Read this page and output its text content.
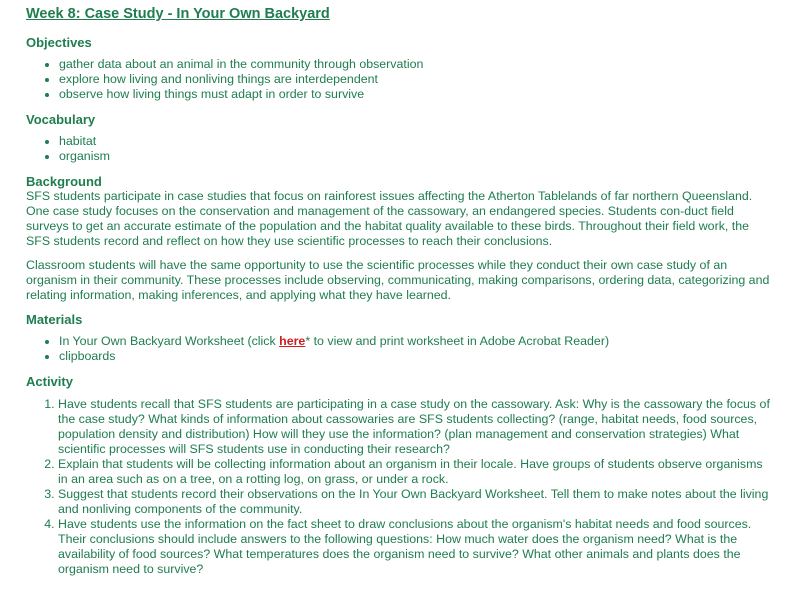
Week 8: Case Study - In Your Own Backyard
Objectives
• gather data about an animal in the community through observation
• explore how living and nonliving things are interdependent
• observe how living things must adapt in order to survive
Vocabulary
• habitat
• organism
Background

SFS students participate in case studies that focus on rainforest issues affecting the Atherton Tablelands of far northern Queensland. One case study focuses on the conservation and management of the cassowary, an endangered species. Students con-duct field surveys to get an accurate estimate of the population and the habitat quality available to these birds. Throughout their field work, the SFS students record and reflect on how they use scientific processes to reach their conclusions.

Classroom students will have the same opportunity to use the scientific processes while they conduct their own case study of an organism in their community. These processes include observing, communicating, making comparisons, ordering data, categorizing and relating information, making inferences, and applying what they have learned.

Materials
• In Your Own Backyard Worksheet (click here* to view and print worksheet in Adobe Acrobat Reader)
• clipboards
Activity
1. Have students recall that SFS students are participating in a case study on the cassowary. Ask: Why is the cassowary the focus of the case study? What kinds of information about cassowaries are SFS students collecting? (range, habitat needs, food sources, population density and distribution) How will they use the information? (plan management and conservation strategies) What scientific processes will SFS students use in conducting their research?
2. Explain that students will be collecting information about an organism in their locale. Have groups of students observe organisms in an area such as on a tree, on a rotting log, on grass, or under a rock.
3. Suggest that students record their observations on the In Your Own Backyard Worksheet. Tell them to make notes about the living and nonliving components of the community.
4. Have students use the information on the fact sheet to draw conclusions about the organism's habitat needs and food sources. Their conclusions should include answers to the following questions: How much water does the organism need? What is the availability of food sources? What temperatures does the organism need to survive? What other animals and plants does the organism need to survive?
